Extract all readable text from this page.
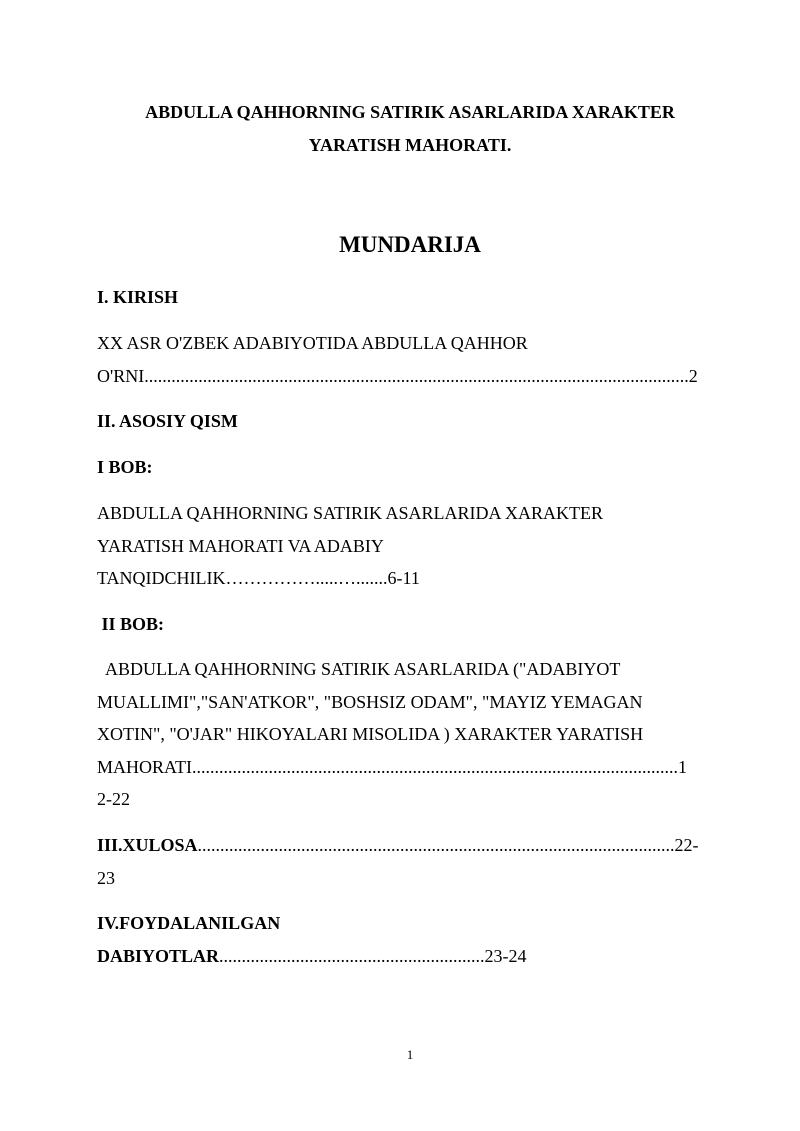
ABDULLA QAHHORNING SATIRIK ASARLARIDA XARAKTER
YARATISH MAHORATI.
MUNDARIJA
I. KIRISH
XX ASR O'ZBEK ADABIYOTIDA ABDULLA QAHHOR
O'RNI.........................................................................................................................2
II. ASOSIY QISM
I BOB:
ABDULLA QAHHORNING SATIRIK ASARLARIDA XARAKTER
YARATISH MAHORATI VA ADABIY
TANQIDCHILIK…………….....….......6-11
II BOB:
ABDULLA QAHHORNING SATIRIK ASARLARIDA ("ADABIYOT
MUALLIMI","SAN'ATKOR", "BOSHSIZ ODAM", "MAYIZ YEMAGAN
XOTIN", "O'JAR" HIKOYALARI MISOLIDA ) XARAKTER YARATISH
MAHORATI............................................................................................................1
2-22
III.XULOSA..........................................................................................................22-
23
IV.FOYDALANILGAN
DABIYOTLAR...........................................................23-24
1
